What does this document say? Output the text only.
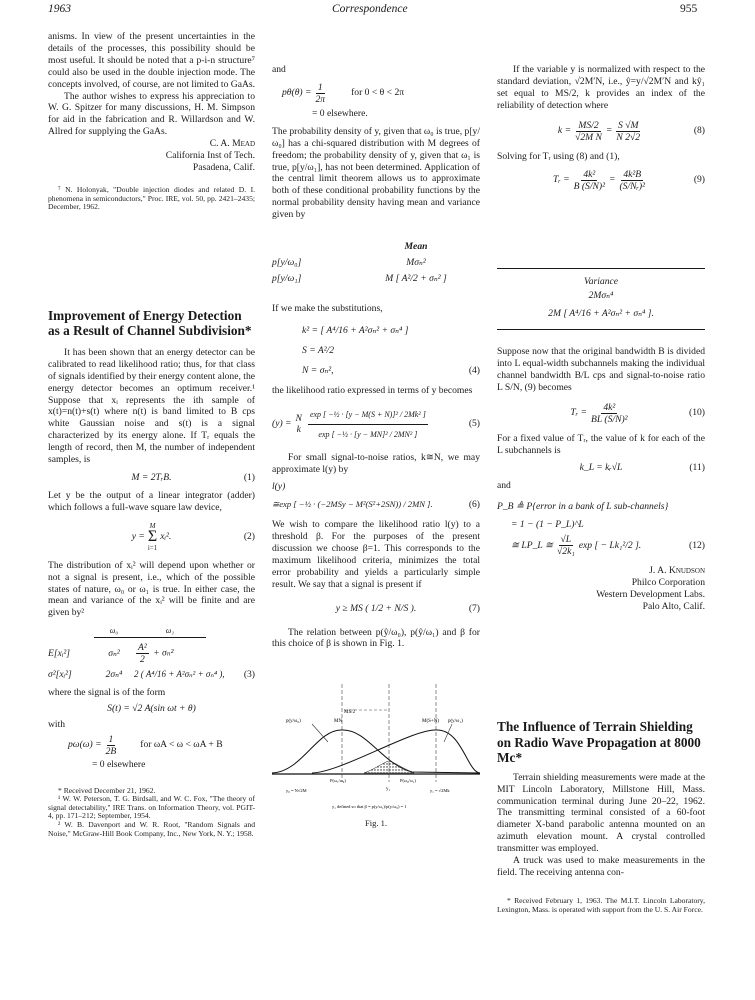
1963	Correspondence	955

anisms. In view of the present uncertainties in the details of the processes, this possibility should be most useful. It should be noted that a p-i-n structure⁷ could also be used in the double injection mode. The concepts involved, of course, are not limited to GaAs.

The author wishes to express his appreciation to W. G. Spitzer for many discussions, H. M. Simpson for aid in the fabrication and R. Willardson and W. Allred for supplying the GaAs.

C. A. Mead
California Inst of Tech.
Pasadena, Calif.

⁷ N. Holonyak, "Double injection diodes and related D. I. phenomena in semiconductors," Proc. IRE, vol. 50, pp. 2421–2435; December, 1962.

Improvement of Energy Detection as a Result of Channel Subdivision*

It has been shown that an energy detector can be calibrated to read likelihood ratio; thus, for that class of signals identified by their energy content alone, the energy detector becomes an optimum receiver.¹ Suppose that xᵢ represents the ith sample of x(t)=n(t)+s(t) where n(t) is band limited to B cps white Gaussian noise and s(t) is a signal characterized by its energy alone. If Tᵣ equals the length of record, then M, the number of independent samples, is

M = 2TᵣB.	(1)

Let y be the output of a linear integrator (adder) which follows a full-wave square law device,

y =
M
Σ
i=1
xᵢ².	(2)

The distribution of xᵢ² will depend upon whether or not a signal is present, i.e., which of the possible states of nature, ω₀ or ω₁ is true. In either case, the mean and variance of the xᵢ² will be finite and are given by²

ω₀	ω₁
E[xᵢ²]	σₙ²	$\frac{\text{A²}}{2} + \sigma_n^2$
σ²[xᵢ²]	2σₙ⁴	2 ( A⁴/16 + A²σₙ² + σₙ⁴ ),	(3)

where the signal is of the form

S(t) = √2 A(sin ωt + θ)

with

$p\omega(\omega) = \frac{1}{2B}$ for ωA < ω < ωA + B
= 0 elsewhere

* Received December 21, 1962.

¹ W. W. Peterson, T. G. Birdsall, and W. C. Fox, "The theory of signal detectability," IRE Trans. on Information Theory, vol. PGIT-4, pp. 171–212; September, 1954.

² W. B. Davenport and W. R. Root, "Random Signals and Noise," McGraw-Hill Book Company, Inc., New York, N. Y.; 1958.

and

$p\theta(\theta) = \frac{1}{2\pi}$	for 0 < θ < 2π
= 0 elsewhere.

The probability density of y, given that ω₀ is true, p[y/ω₀] has a chi-squared distribution with M degrees of freedom; the probability density of y, given that ω₁ is true, p[y/ω₁], has not been determined. Application of the central limit theorem allows us to approximate both of these conditional probability functions by the normal probability density having mean and variance given by

Mean
p[y/ω₀]	Mσₙ²
p[y/ω₁]	M [ A²/2 + σₙ² ]

If we make the substitutions,

k² = [ A⁴/16 + A²σₙ² + σₙ⁴ ]
S = A²/2
N = σₙ²,	(4)

the likelihood ratio expressed in terms of y becomes

(y) = N
k $\frac{\text{exp [ −½ · [y − M(S + N)]² / 2Mk² ]}}{\text{exp [ −½ · [y − MN]² / 2MN² ]}}$	(5)

For small signal-to-noise ratios, k≅N, we may approximate l(y) by

l(y)
≅exp [ −½ · (−2MSy − M²(S²+2SN)) / 2MN ].	(6)

We wish to compare the likelihood ratio l(y) to a threshold β. For the purposes of the present discussion we choose β=1. This corresponds to the maximum likelihood criteria, minimizes the total error probability and yields a particularly simple result. We say that a signal is present if

y ≥ MS ( 1/2 + N/S ).	(7)

The relation between p(ŷ/ω₀), p(ŷ/ω₁) and β for this choice of β is shown in Fig. 1.

MS/2
MN	M(S+N)
p(y/ω₀)	p(y/ω₁)
P(ω₁/ω₀)	P(ω₀/ω₁)
y₁
y₀ = N√2M	y₁ = √2Mk
y₁ defined so that β = p(y/ω₁)/p(y/ω₀) = 1
Fig. 1.
Variance
2Mσₙ⁴
2M [ A⁴/16 + A²σₙ² + σₙ⁴ ].

If the variable y is normalized with respect to the standard deviation, √2M′N, i.e., ŷ=y/√2M′N and kŷ₁ set equal to MS/2, k provides an index of the reliability of detection where

$k = \frac{MS/2}{\text{√2M N}} = \frac{S √M}{N 2√2}$	(8)

Solving for Tᵣ using (8) and (1),

Tᵣ = $\frac{\text{4k²}}{\text{B (S/N)²}} = \frac{\text{4k²B}}{\text{(S/Nᵣ)²}}$	(9)

Suppose now that the original bandwidth B is divided into L equal-width subchannels making the individual channel bandwidth B/L cps and signal-to-noise ratio L S/N, (9) becomes

Tᵣ = $\frac{\text{4k²}}{\text{BL (S/N)²}}$	(10)

For a fixed value of Tᵣ, the value of k for each of the L subchannels is

k_L = kᵣ√L	(11)

and

P_B ≜ P{error in a bank of L sub-channels}
= 1 − (1 − P_L)^L
≅ LP_L ≅ $\frac{√L}{\text{√2k₁}}$ exp [ − Lk₁²/2 ].	(12)
J. A. Knudson
Philco Corporation
Western Development Labs.
Palo Alto, Calif.
The Influence of Terrain Shielding on Radio Wave Propagation at 8000 Mc*

Terrain shielding measurements were made at the MIT Lincoln Laboratory, Millstone Hill, Mass. communication terminal during June 20–22, 1962. The transmitting terminal consisted of a 60-foot diameter X-band parabolic antenna mounted on an azimuth elevation mount. A crystal controlled transmitter was employed.

A truck was used to make measurements in the field. The receiving antenna con-

* Received February 1, 1963. The M.I.T. Lincoln Laboratory, Lexington, Mass. is operated with support from the U. S. Air Force.
